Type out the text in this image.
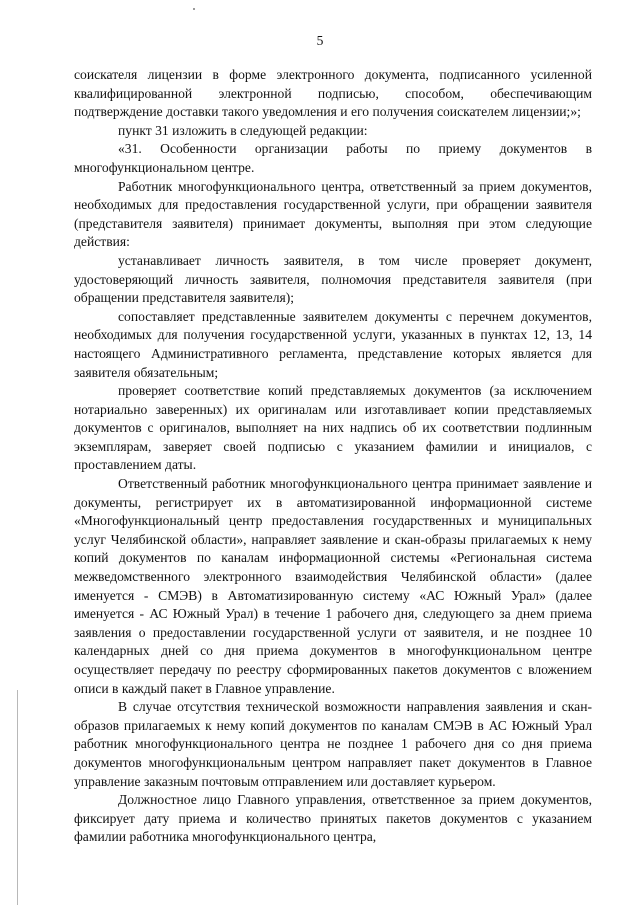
5

соискателя лицензии в форме электронного документа, подписанного усиленной квалифицированной электронной подписью, способом, обеспечивающим подтверждение доставки такого уведомления и его получения соискателем лицензии;»;

пункт 31 изложить в следующей редакции:

«31. Особенности организации работы по приему документов в многофункциональном центре.

Работник многофункционального центра, ответственный за прием документов, необходимых для предоставления государственной услуги, при обращении заявителя (представителя заявителя) принимает документы, выполняя при этом следующие действия:

устанавливает личность заявителя, в том числе проверяет документ, удостоверяющий личность заявителя, полномочия представителя заявителя (при обращении представителя заявителя);

сопоставляет представленные заявителем документы с перечнем документов, необходимых для получения государственной услуги, указанных в пунктах 12, 13, 14 настоящего Административного регламента, представление которых является для заявителя обязательным;

проверяет соответствие копий представляемых документов (за исключением нотариально заверенных) их оригиналам или изготавливает копии представляемых документов с оригиналов, выполняет на них надпись об их соответствии подлинным экземплярам, заверяет своей подписью с указанием фамилии и инициалов, с проставлением даты.

Ответственный работник многофункционального центра принимает заявление и документы, регистрирует их в автоматизированной информационной системе «Многофункциональный центр предоставления государственных и муниципальных услуг Челябинской области», направляет заявление и скан-образы прилагаемых к нему копий документов по каналам информационной системы «Региональная система межведомственного электронного взаимодействия Челябинской области» (далее именуется - СМЭВ) в Автоматизированную систему «АС Южный Урал» (далее именуется - АС Южный Урал) в течение 1 рабочего дня, следующего за днем приема заявления о предоставлении государственной услуги от заявителя, и не позднее 10 календарных дней со дня приема документов в многофункциональном центре осуществляет передачу по реестру сформированных пакетов документов с вложением описи в каждый пакет в Главное управление.

В случае отсутствия технической возможности направления заявления и скан-образов прилагаемых к нему копий документов по каналам СМЭВ в АС Южный Урал работник многофункционального центра не позднее 1 рабочего дня со дня приема документов многофункциональным центром направляет пакет документов в Главное управление заказным почтовым отправлением или доставляет курьером.

Должностное лицо Главного управления, ответственное за прием документов, фиксирует дату приема и количество принятых пакетов документов с указанием фамилии работника многофункционального центра,
